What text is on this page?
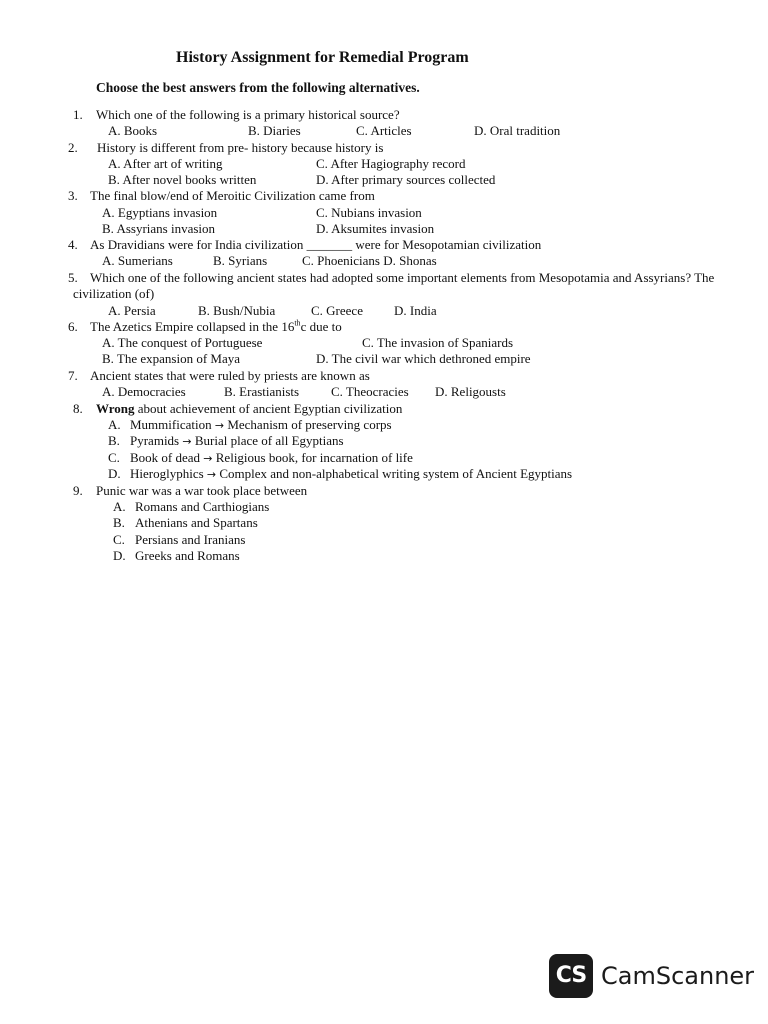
History Assignment for Remedial Program
Choose the best answers from the following alternatives.
1. Which one of the following is a primary historical source?
A. Books	B. Diaries	C. Articles	D. Oral tradition
2. History is different from pre- history because history is
A. After art of writing	C. After Hagiography record
B. After novel books written	D. After primary sources collected
3. The final blow/end of Meroitic Civilization came from
A. Egyptians invasion	C. Nubians invasion
B. Assyrians invasion	D. Aksumites invasion
4. As Dravidians were for India civilization _______ were for Mesopotamian civilization
A. Sumerians	B. Syrians	C. Phoenicians D. Shonas
5. Which one of the following ancient states had adopted some important elements from Mesopotamia and Assyrians? The
civilization (of)
A. Persia	B. Bush/Nubia	C. Greece D. India
6. The Azetics Empire collapsed in the 16thc due to
A. The conquest of Portuguese	C. The invasion of Spaniards
B. The expansion of Maya	D. The civil war which dethroned empire
7. Ancient states that were ruled by priests are known as
A. Democracies	B. Erastianists C. Theocracies D. Religousts
8. Wrong about achievement of ancient Egyptian civilization
A. Mummification → Mechanism of preserving corps
B. Pyramids → Burial place of all Egyptians
C. Book of dead → Religious book, for incarnation of life
D. Hieroglyphics → Complex and non-alphabetical writing system of Ancient Egyptians
9. Punic war was a war took place between
A. Romans and Carthiogians
B. Athenians and Spartans
C. Persians and Iranians
D. Greeks and Romans
CS CamScanner
